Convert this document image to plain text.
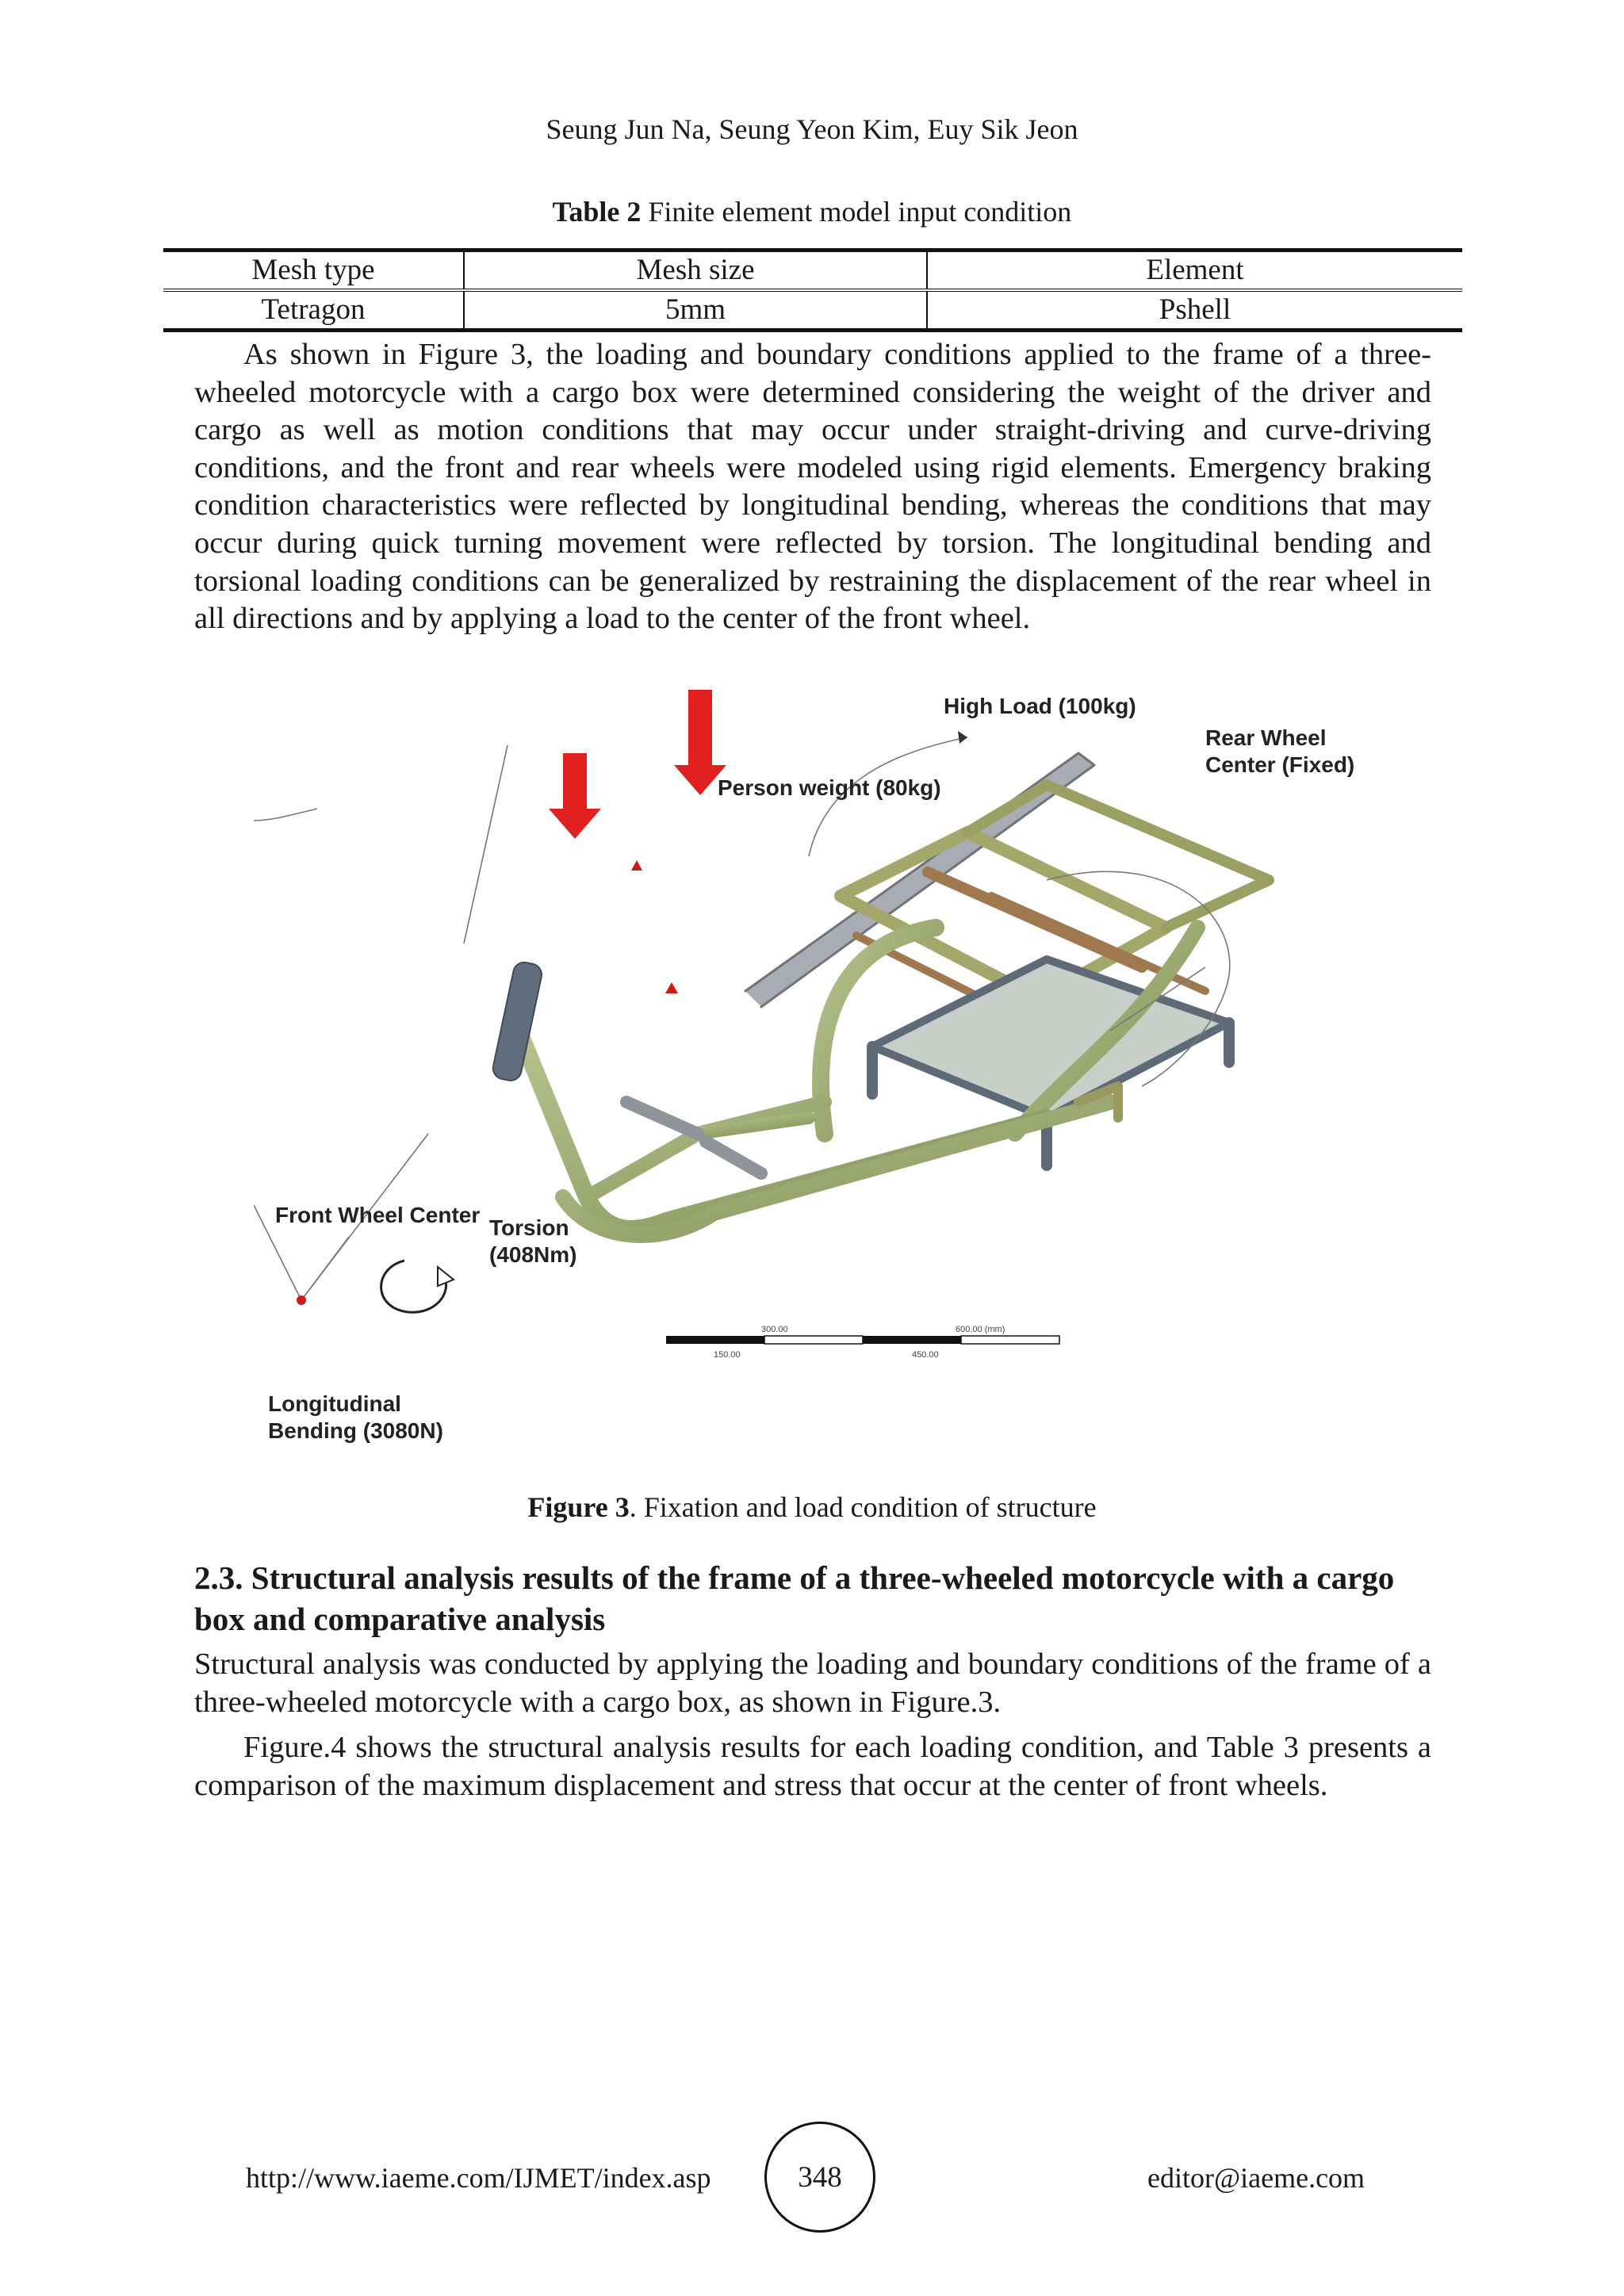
Seung Jun Na, Seung Yeon Kim, Euy Sik Jeon
Table 2 Finite element model input condition
Mesh type	Mesh size	Element
Tetragon	5mm	Pshell

As shown in Figure 3, the loading and boundary conditions applied to the frame of a three-wheeled motorcycle with a cargo box were determined considering the weight of the driver and cargo as well as motion conditions that may occur under straight-driving and curve-driving conditions, and the front and rear wheels were modeled using rigid elements. Emergency braking condition characteristics were reflected by longitudinal bending, whereas the conditions that may occur during quick turning movement were reflected by torsion. The longitudinal bending and torsional loading conditions can be generalized by restraining the displacement of the rear wheel in all directions and by applying a load to the center of the front wheel.

300.00	600.00 (mm)
150.00	450.00
High Load (100kg)
Rear Wheel
Center (Fixed)
Person weight (80kg)
Front Wheel Center
Torsion
(408Nm)
Longitudinal
Bending (3080N)
Figure 3. Fixation and load condition of structure
2.3. Structural analysis results of the frame of a three-wheeled motorcycle with a cargo box and comparative analysis

Structural analysis was conducted by applying the loading and boundary conditions of the frame of a three-wheeled motorcycle with a cargo box, as shown in Figure.3.

Figure.4 shows the structural analysis results for each loading condition, and Table 3 presents a comparison of the maximum displacement and stress that occur at the center of front wheels.

http://www.iaeme.com/IJMET/index.asp	348	editor@iaeme.com
